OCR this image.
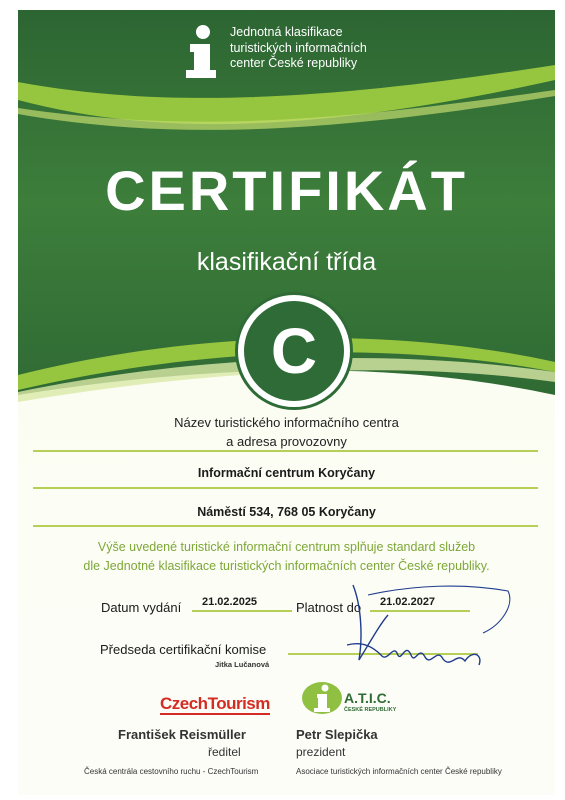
Jednotná klasifikace
turistických informačních
center České republiky
CERTIFIKÁT
klasifikační třída
C
Název turistického informačního centra
a adresa provozovny
Informační centrum Koryčany
Náměstí 534, 768 05 Koryčany
Výše uvedené turistické informační centrum splňuje standard služeb
dle Jednotné klasifikace turistických informačních center České republiky.
Datum vydání 21.02.2025	Platnost do 21.02.2027
Předseda certifikační komise
Jitka Lučanová
CzechTourism	A.T.I.C.
ČESKÉ REPUBLIKY
František Reismüller
ředitel
Česká centrála cestovního ruchu - CzechTourism
Petr Slepička
prezident
Asociace turistických informačních center České republiky
